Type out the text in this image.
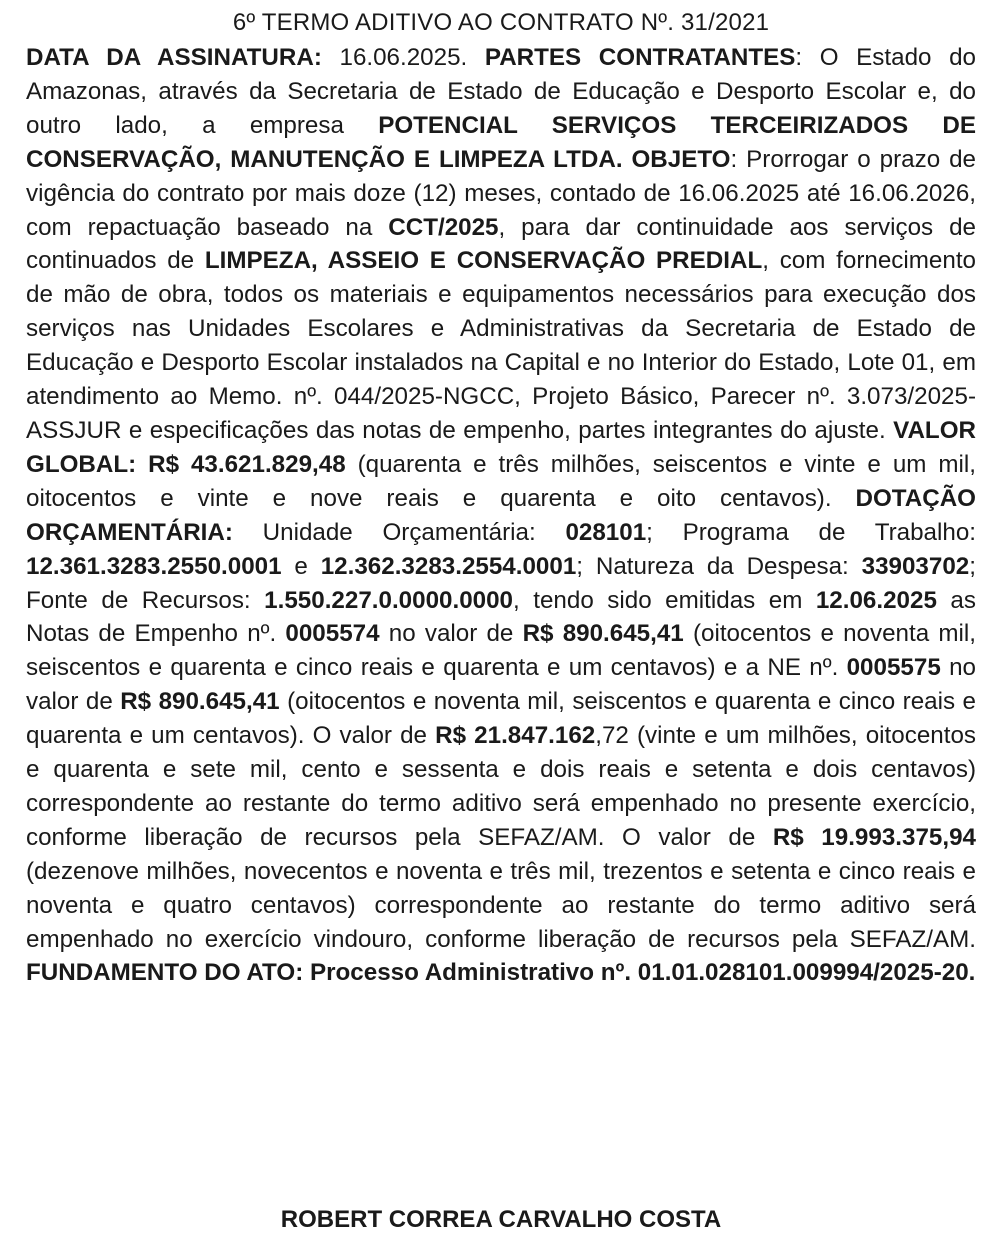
6º TERMO ADITIVO AO CONTRATO Nº. 31/2021

DATA DA ASSINATURA: 16.06.2025. PARTES CONTRATANTES: O Estado do Amazonas, através da Secretaria de Estado de Educação e Desporto Escolar e, do outro lado, a empresa POTENCIAL SERVIÇOS TERCEIRIZADOS DE CONSERVAÇÃO, MANUTENÇÃO E LIMPEZA LTDA. OBJETO: Prorrogar o prazo de vigência do contrato por mais doze (12) meses, contado de 16.06.2025 até 16.06.2026, com repactuação baseado na CCT/2025, para dar continuidade aos serviços de continuados de LIMPEZA, ASSEIO E CONSERVAÇÃO PREDIAL, com fornecimento de mão de obra, todos os materiais e equipamentos necessários para execução dos serviços nas Unidades Escolares e Administrativas da Secretaria de Estado de Educação e Desporto Escolar instalados na Capital e no Interior do Estado, Lote 01, em atendimento ao Memo. nº. 044/2025-NGCC, Projeto Básico, Parecer nº. 3.073/2025-ASSJUR e especificações das notas de empenho, partes integrantes do ajuste. VALOR GLOBAL: R$ 43.621.829,48 (quarenta e três milhões, seiscentos e vinte e um mil, oitocentos e vinte e nove reais e quarenta e oito centavos). DOTAÇÃO ORÇAMENTÁRIA: Unidade Orçamentária: 028101; Programa de Trabalho: 12.361.3283.2550.0001 e 12.362.3283.2554.0001; Natureza da Despesa: 33903702; Fonte de Recursos: 1.550.227.0.0000.0000, tendo sido emitidas em 12.06.2025 as Notas de Empenho nº. 0005574 no valor de R$ 890.645,41 (oitocentos e noventa mil, seiscentos e quarenta e cinco reais e quarenta e um centavos) e a NE nº. 0005575 no valor de R$ 890.645,41 (oitocentos e noventa mil, seiscentos e quarenta e cinco reais e quarenta e um centavos). O valor de R$ 21.847.162,72 (vinte e um milhões, oitocentos e quarenta e sete mil, cento e sessenta e dois reais e setenta e dois centavos) correspondente ao restante do termo aditivo será empenhado no presente exercício, conforme liberação de recursos pela SEFAZ/AM. O valor de R$ 19.993.375,94 (dezenove milhões, novecentos e noventa e três mil, trezentos e setenta e cinco reais e noventa e quatro centavos) correspondente ao restante do termo aditivo será empenhado no exercício vindouro, conforme liberação de recursos pela SEFAZ/AM. FUNDAMENTO DO ATO: Processo Administrativo nº. 01.01.028101.009994/2025-20.

ROBERT CORREA CARVALHO COSTA
